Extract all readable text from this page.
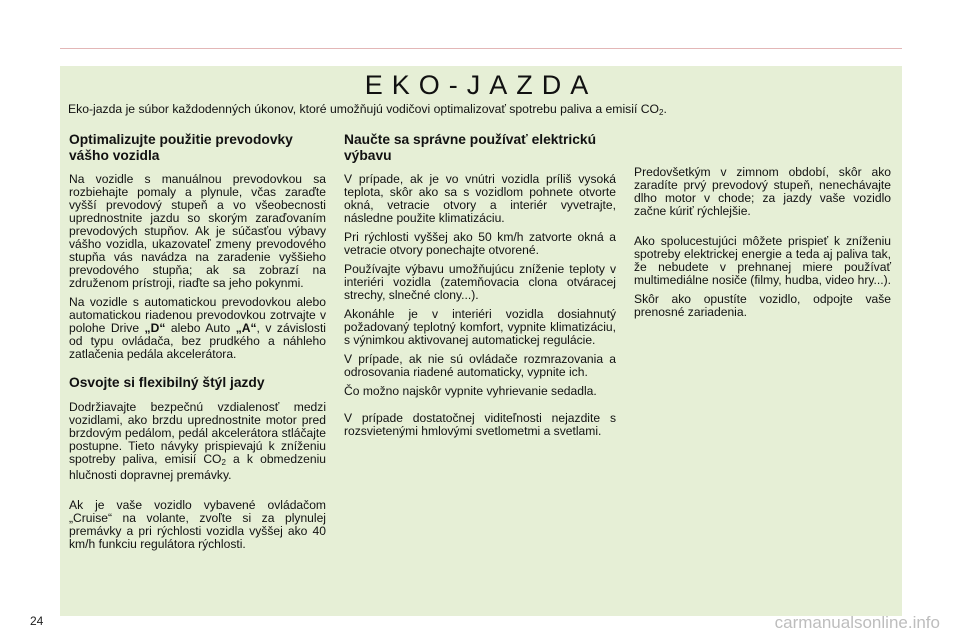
EKO-JAZDA
Eko-jazda je súbor každodenných úkonov, ktoré umožňujú vodičovi optimalizovať spotrebu paliva a emisií $CO_2$.
Optimalizujte použitie prevodovky vášho vozidla

Na vozidle s manuálnou prevodovkou sa rozbiehajte pomaly a plynule, včas zaraďte vyšší prevodový stupeň a vo všeobecnosti uprednostnite jazdu so skorým zaraďovaním prevodových stupňov. Ak je súčasťou výbavy vášho vozidla, ukazovateľ zmeny prevodového stupňa vás navádza na zaradenie vyššieho prevodového stupňa; ak sa zobrazí na združenom prístroji, riaďte sa jeho pokynmi.

Na vozidle s automatickou prevodovkou alebo automatickou riadenou prevodovkou zotrvajte v polohe Drive „D“ alebo Auto „A“, v závislosti od typu ovládača, bez prudkého a náhleho zatlačenia pedála akcelerátora.

Osvojte si flexibilný štýl jazdy

Dodržiavajte bezpečnú vzdialenosť medzi vozidlami, ako brzdu uprednostnite motor pred brzdovým pedálom, pedál akcelerátora stláčajte postupne. Tieto návyky prispievajú k zníženiu spotreby paliva, emisií $CO_2$ a k obmedzeniu hlučnosti dopravnej premávky.

Ak je vaše vozidlo vybavené ovládačom „Cruise“ na volante, zvoľte si za plynulej premávky a pri rýchlosti vozidla vyššej ako 40 km/h funkciu regulátora rýchlosti.

Naučte sa správne používať elektrickú výbavu

V prípade, ak je vo vnútri vozidla príliš vysoká teplota, skôr ako sa s vozidlom pohnete otvorte okná, vetracie otvory a interiér vyvetrajte, následne použite klimatizáciu.

Pri rýchlosti vyššej ako 50 km/h zatvorte okná a vetracie otvory ponechajte otvorené.

Používajte výbavu umožňujúcu zníženie teploty v interiéri vozidla (zatemňovacia clona otváracej strechy, slnečné clony...).

Akonáhle je v interiéri vozidla dosiahnutý požadovaný teplotný komfort, vypnite klimatizáciu, s výnimkou aktivovanej automatickej regulácie.

V prípade, ak nie sú ovládače rozmrazovania a odrosovania riadené automaticky, vypnite ich.

Čo možno najskôr vypnite vyhrievanie sedadla.

V prípade dostatočnej viditeľnosti nejazdite s rozsvietenými hmlovými svetlometmi a svetlami.

Predovšetkým v zimnom období, skôr ako zaradíte prvý prevodový stupeň, nenechávajte dlho motor v chode; za jazdy vaše vozidlo začne kúriť rýchlejšie.

Ako spolucestujúci môžete prispieť k zníženiu spotreby elektrickej energie a teda aj paliva tak, že nebudete v prehnanej miere používať multimediálne nosiče (filmy, hudba, video hry...).

Skôr ako opustíte vozidlo, odpojte vaše prenosné zariadenia.

24	carmanualsonline.info
